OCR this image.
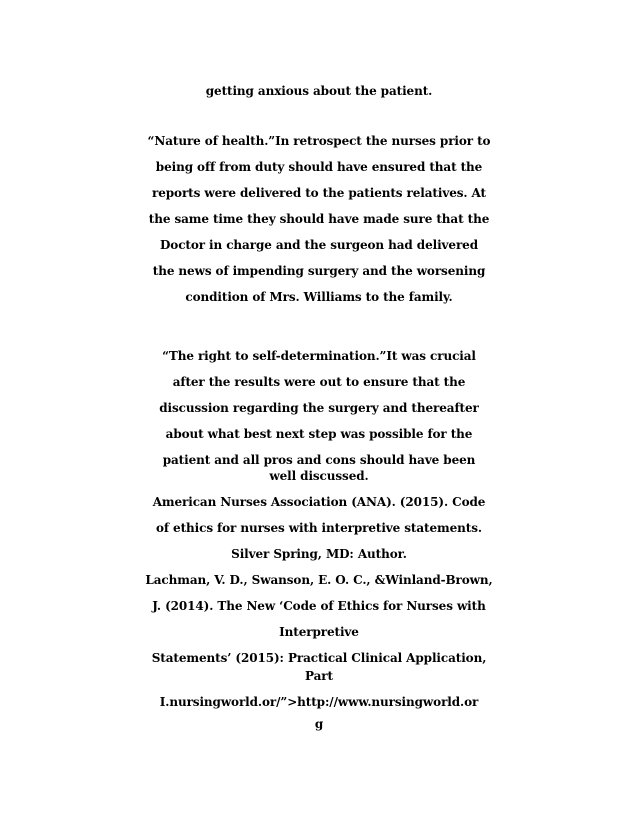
getting anxious about the patient.
“Nature of health.”In retrospect the nurses prior to
being off from duty should have ensured that the
reports were delivered to the patients relatives. At
the same time they should have made sure that the
Doctor in charge and the surgeon had delivered
the news of impending surgery and the worsening
condition of Mrs. Williams to the family.
“The right to self-determination.”It was crucial
after the results were out to ensure that the
discussion regarding the surgery and thereafter
about what best next step was possible for the
patient and all pros and cons should have been
well discussed.
American Nurses Association (ANA). (2015). Code
of ethics for nurses with interpretive statements.
Silver Spring, MD: Author.
Lachman, V. D., Swanson, E. O. C., &Winland-Brown,
J. (2014). The New ‘Code of Ethics for Nurses with
Interpretive
Statements’ (2015): Practical Clinical Application,
Part
I.nursingworld.or/”>http://www.nursingworld.or
g
